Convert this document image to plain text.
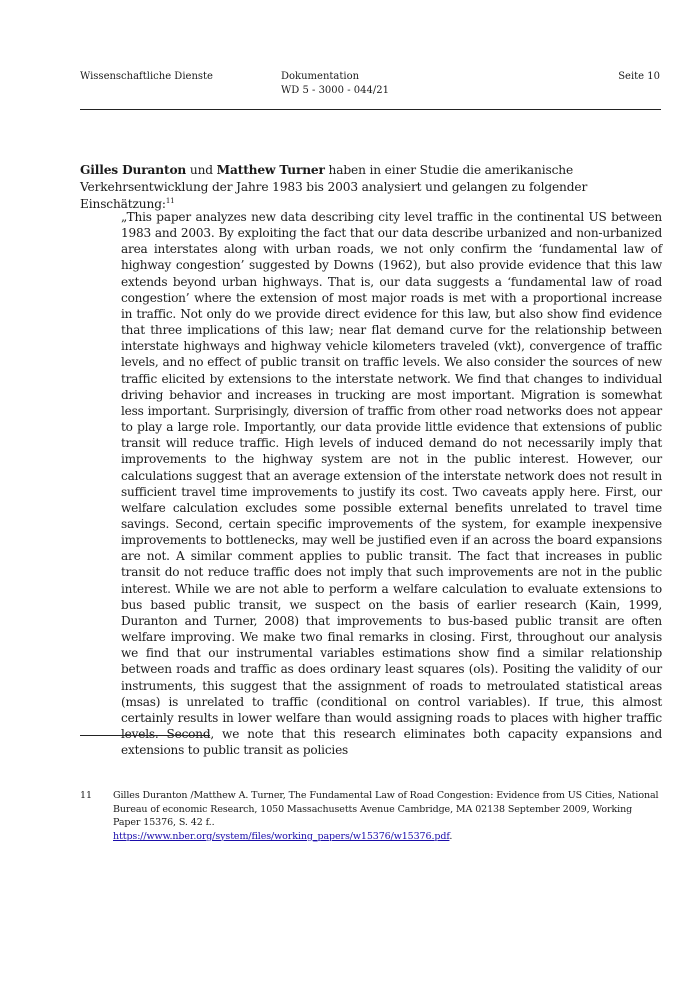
Wissenschaftliche Dienste	Dokumentation
WD 5 - 3000 - 044/21
Seite 10

Gilles Duranton und Matthew Turner haben in einer Studie die amerikanische Verkehrsentwicklung der Jahre 1983 bis 2003 analysiert und gelangen zu folgender Einschätzung:$^{11}$

„This paper analyzes new data describing city level traffic in the continental US between 1983 and 2003. By exploiting the fact that our data describe urbanized and non-urbanized area interstates along with urban roads, we not only confirm the ‘fundamental law of highway congestion’ suggested by Downs (1962), but also provide evidence that this law extends beyond urban highways. That is, our data suggests a ‘fundamental law of road congestion’ where the extension of most major roads is met with a proportional increase in traffic. Not only do we provide direct evidence for this law, but also show find evidence that three implications of this law; near flat demand curve for the relationship between interstate highways and highway vehicle kilometers traveled (vkt), convergence of traffic levels, and no effect of public transit on traffic levels. We also consider the sources of new traffic elicited by extensions to the interstate network. We find that changes to individual driving behavior and increases in trucking are most important. Migration is somewhat less important. Surprisingly, diversion of traffic from other road networks does not appear to play a large role. Importantly, our data provide little evidence that extensions of public transit will reduce traffic. High levels of induced demand do not necessarily imply that improvements to the highway system are not in the public interest. However, our calculations suggest that an average extension of the interstate network does not result in sufficient travel time improvements to justify its cost. Two caveats apply here. First, our welfare calculation excludes some possible external benefits unrelated to travel time savings. Second, certain specific improvements of the system, for example inexpensive improvements to bottlenecks, may well be justified even if an across the board expansions are not. A similar comment applies to public transit. The fact that increases in public transit do not reduce traffic does not imply that such improvements are not in the public interest. While we are not able to perform a welfare calculation to evaluate extensions to bus based public transit, we suspect on the basis of earlier research (Kain, 1999, Duranton and Turner, 2008) that improvements to bus-based public transit are often welfare improving. We make two final remarks in closing. First, throughout our analysis we find that our instrumental variables estimations show find a similar relationship between roads and traffic as does ordinary least squares (ols). Positing the validity of our instruments, this suggest that the assignment of roads to metroulated statistical areas (msas) is unrelated to traffic (conditional on control variables). If true, this almost certainly results in lower welfare than would assigning roads to places with higher traffic levels. Second, we note that this research eliminates both capacity expansions and extensions to public transit as policies

11 Gilles Duranton /Matthew A. Turner, The Fundamental Law of Road Congestion: Evidence from US Cities, National Bureau of economic Research, 1050 Massachusetts Avenue Cambridge, MA 02138 September 2009, Working Paper 15376, S. 42 f..
https://www.nber.org/system/files/working_papers/w15376/w15376.pdf.
